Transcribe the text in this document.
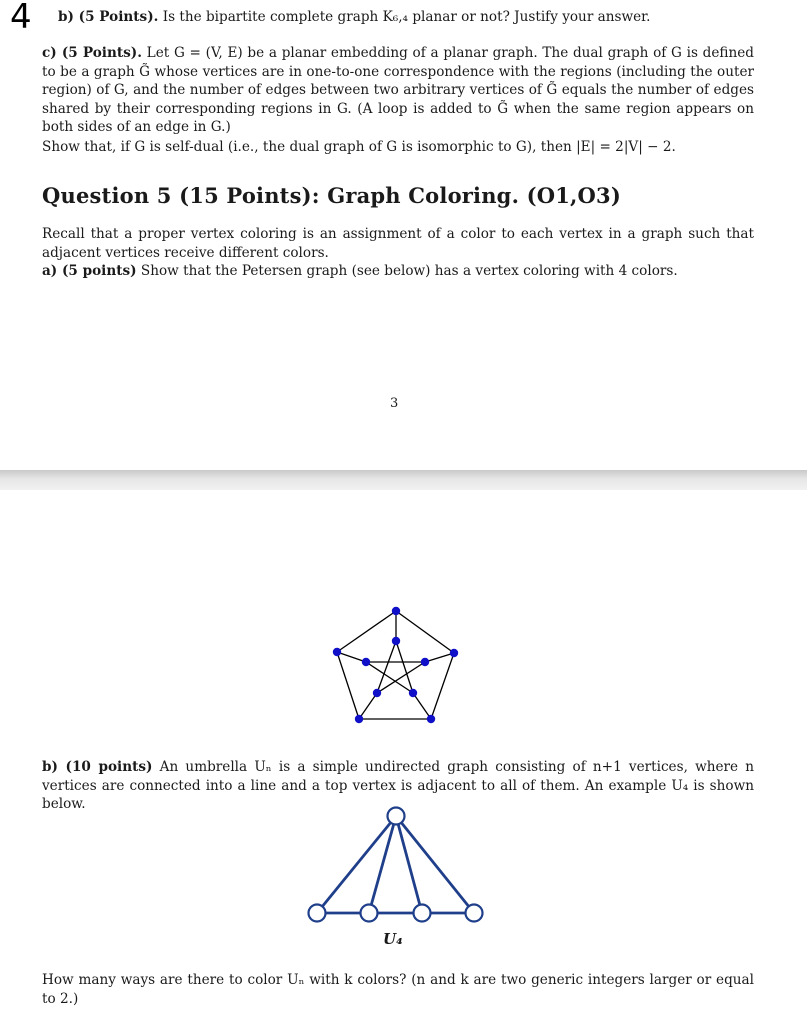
4 b) (5 Points). Is the bipartite complete graph K₆,₄ planar or not? Justify your answer.

c) (5 Points). Let G = (V, E) be a planar embedding of a planar graph. The dual graph of G is defined to be a graph G̃ whose vertices are in one-to-one correspondence with the regions (including the outer region) of G, and the number of edges between two arbitrary vertices of G̃ equals the number of edges shared by their corresponding regions in G. (A loop is added to G̃ when the same region appears on both sides of an edge in G.)

Show that, if G is self-dual (i.e., the dual graph of G is isomorphic to G), then |E| = 2|V| − 2.

Question 5 (15 Points): Graph Coloring. (O1,O3)

Recall that a proper vertex coloring is an assignment of a color to each vertex in a graph such that adjacent vertices receive different colors.

a) (5 points) Show that the Petersen graph (see below) has a vertex coloring with 4 colors.

3

b) (10 points) An umbrella Uₙ is a simple undirected graph consisting of n+1 vertices, where n vertices are connected into a line and a top vertex is adjacent to all of them. An example U₄ is shown below.

U₄

How many ways are there to color Uₙ with k colors? (n and k are two generic integers larger or equal to 2.)
